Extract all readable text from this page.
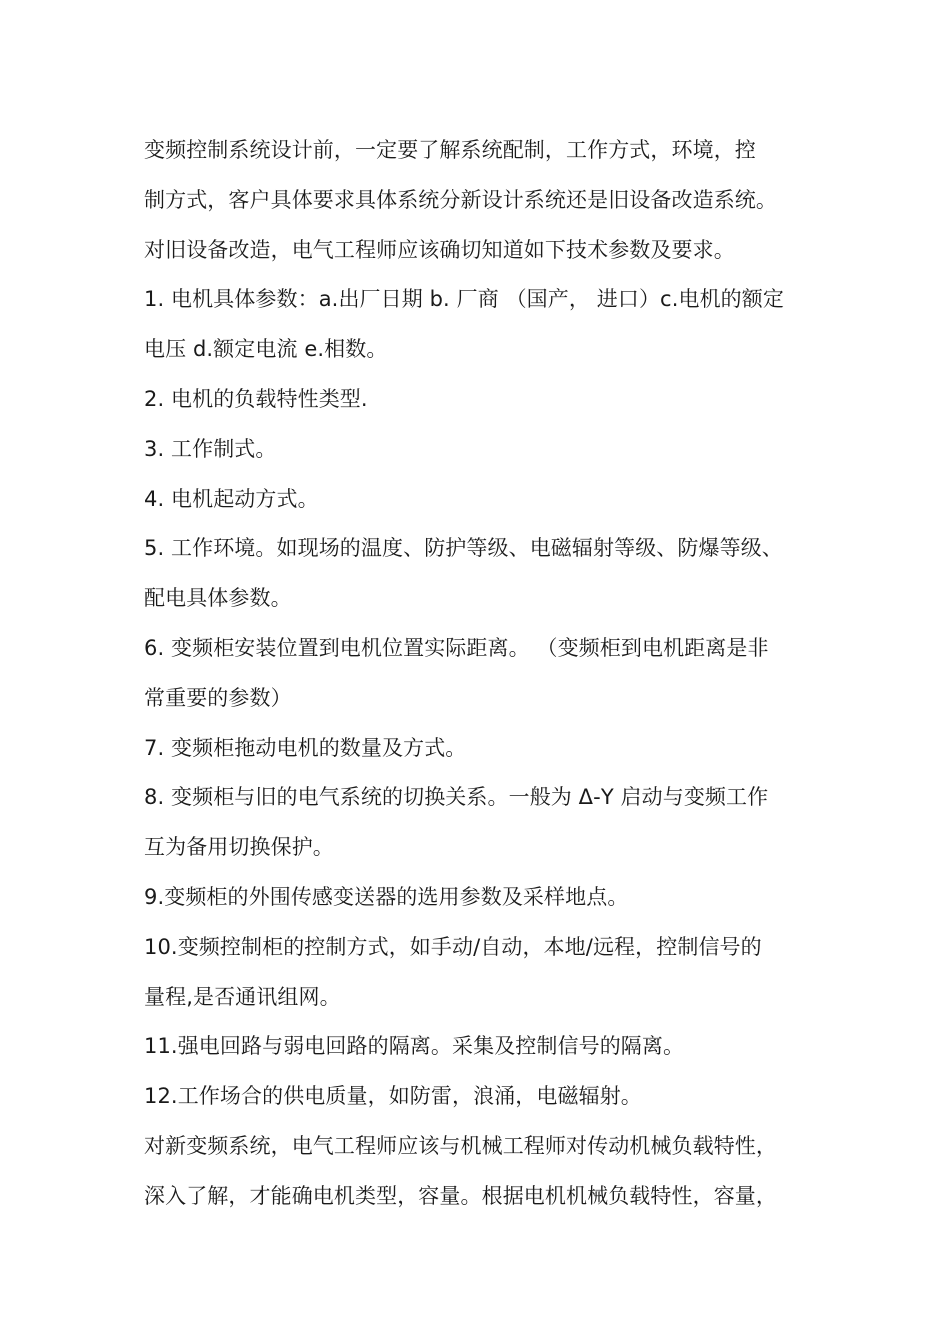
变频控制系统设计前，一定要了解系统配制，工作方式，环境，控
制方式，客户具体要求具体系统分新设计系统还是旧设备改造系统。
对旧设备改造，电气工程师应该确切知道如下技术参数及要求。
1. 电机具体参数：a.出厂日期 b. 厂商 （国产， 进口）c.电机的额定
电压 d.额定电流 e.相数。
2. 电机的负载特性类型.
3. 工作制式。
4. 电机起动方式。
5. 工作环境。如现场的温度、防护等级、电磁辐射等级、防爆等级、
配电具体参数。
6. 变频柜安装位置到电机位置实际距离。 （变频柜到电机距离是非
常重要的参数）
7. 变频柜拖动电机的数量及方式。
8. 变频柜与旧的电气系统的切换关系。一般为 Δ-Y 启动与变频工作
互为备用切换保护。
9.变频柜的外围传感变送器的选用参数及采样地点。
10.变频控制柜的控制方式，如手动/自动，本地/远程，控制信号的
量程,是否通讯组网。
11.强电回路与弱电回路的隔离。采集及控制信号的隔离。
12.工作场合的供电质量，如防雷，浪涌，电磁辐射。
对新变频系统，电气工程师应该与机械工程师对传动机械负载特性，
深入了解，才能确电机类型，容量。根据电机机械负载特性，容量，
